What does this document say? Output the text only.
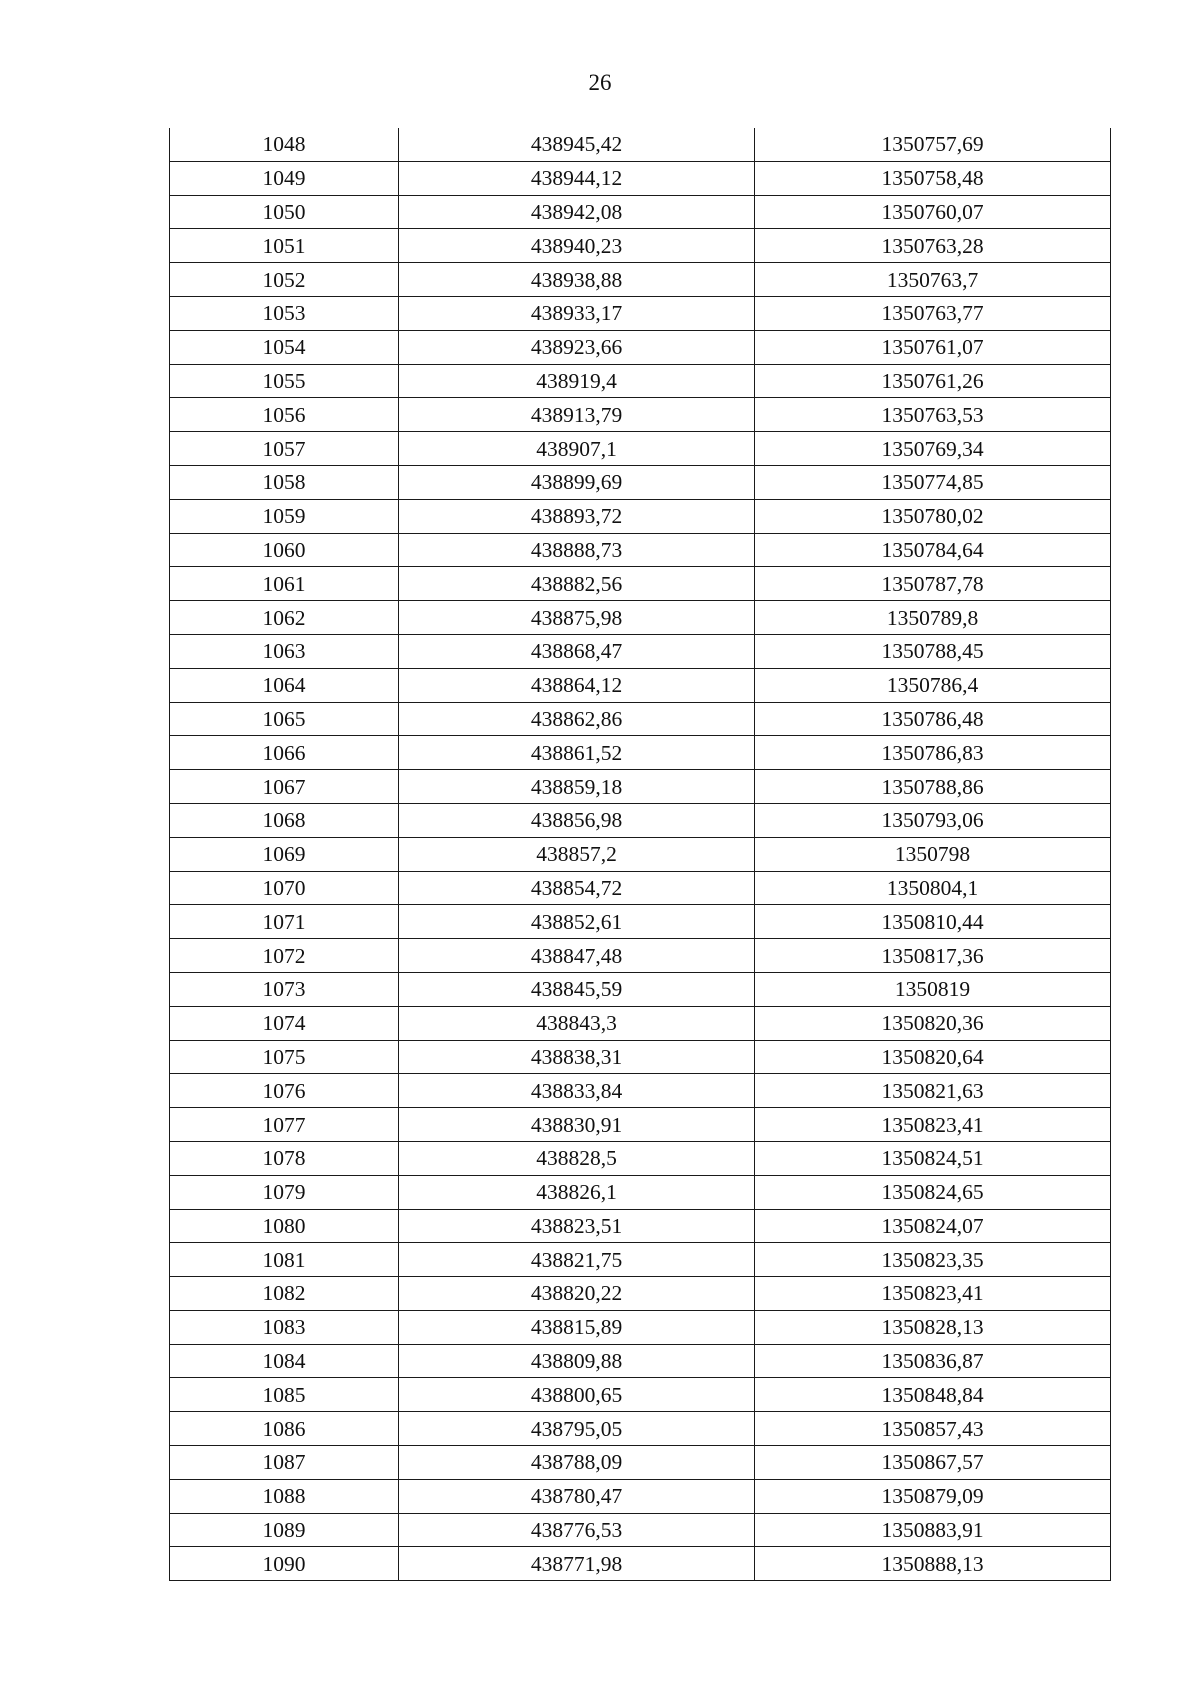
26
1048	438945,42	1350757,69
1049	438944,12	1350758,48
1050	438942,08	1350760,07
1051	438940,23	1350763,28
1052	438938,88	1350763,7
1053	438933,17	1350763,77
1054	438923,66	1350761,07
1055	438919,4	1350761,26
1056	438913,79	1350763,53
1057	438907,1	1350769,34
1058	438899,69	1350774,85
1059	438893,72	1350780,02
1060	438888,73	1350784,64
1061	438882,56	1350787,78
1062	438875,98	1350789,8
1063	438868,47	1350788,45
1064	438864,12	1350786,4
1065	438862,86	1350786,48
1066	438861,52	1350786,83
1067	438859,18	1350788,86
1068	438856,98	1350793,06
1069	438857,2	1350798
1070	438854,72	1350804,1
1071	438852,61	1350810,44
1072	438847,48	1350817,36
1073	438845,59	1350819
1074	438843,3	1350820,36
1075	438838,31	1350820,64
1076	438833,84	1350821,63
1077	438830,91	1350823,41
1078	438828,5	1350824,51
1079	438826,1	1350824,65
1080	438823,51	1350824,07
1081	438821,75	1350823,35
1082	438820,22	1350823,41
1083	438815,89	1350828,13
1084	438809,88	1350836,87
1085	438800,65	1350848,84
1086	438795,05	1350857,43
1087	438788,09	1350867,57
1088	438780,47	1350879,09
1089	438776,53	1350883,91
1090	438771,98	1350888,13
